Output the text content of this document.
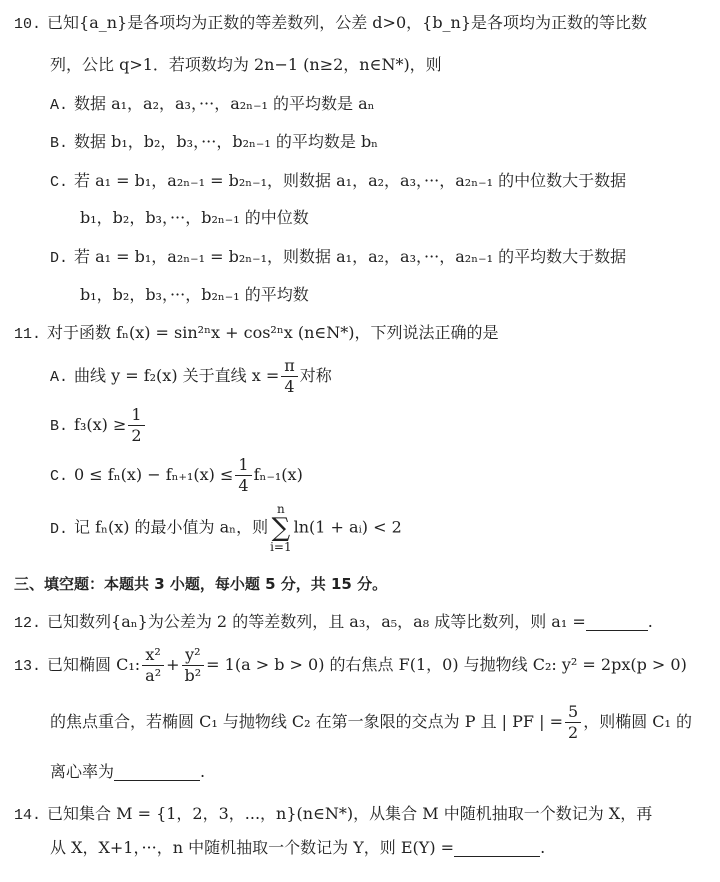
10. 已知{a_n}是各项均为正数的等差数列，公差 d>0，{b_n}是各项均为正数的等比数
列，公比 q>1．若项数均为 2n−1 (n≥2，n∈N*)，则
A. 数据 a₁，a₂，a₃，···，a₂ₙ₋₁ 的平均数是 aₙ
B. 数据 b₁，b₂，b₃，···，b₂ₙ₋₁ 的平均数是 bₙ
C. 若 a₁ = b₁，a₂ₙ₋₁ = b₂ₙ₋₁，则数据 a₁，a₂，a₃，···，a₂ₙ₋₁ 的中位数大于数据
b₁，b₂，b₃，···，b₂ₙ₋₁ 的中位数
D. 若 a₁ = b₁，a₂ₙ₋₁ = b₂ₙ₋₁，则数据 a₁，a₂，a₃，···，a₂ₙ₋₁ 的平均数大于数据
b₁，b₂，b₃，···，b₂ₙ₋₁ 的平均数
11. 对于函数 fₙ(x) = sin²ⁿx + cos²ⁿx (n∈N*)，下列说法正确的是
A. 曲线 y = f₂(x) 关于直线 $x = \frac{\pi}{4}$ 对称
B. $f_3(x) \ge \frac{1}{2}$
C. $0 \le f_n(x) - f_{n+1}(x) \le \frac{1}{4} f_{n-1}(x)$
D. 记 fₙ(x) 的最小值为 aₙ，则n
∑
i=1ln(1 + aᵢ) < 2
三、填空题：本题共 3 小题，每小题 5 分，共 15 分。
12. 已知数列{aₙ}为公差为 2 的等差数列，且 a₃，a₅，a₈ 成等比数列，则 a₁ =	.
13. 已知椭圆 C₁: $\frac{\text{x²}}{\text{a²}} + \frac{\text{y²}}{\text{b²}} = 1(a > b > 0)$ 的右焦点 F(1，0) 与抛物线 C₂: y² = 2px(p > 0)
的焦点重合，若椭圆 C₁ 与抛物线 C₂ 在第一象限的交点为 P 且 | PF | = $\frac{5}{2}$ ，则椭圆 C₁ 的
离心率为	.
14. 已知集合 M = {1，2，3，...，n}(n∈N*)，从集合 M 中随机抽取一个数记为 X，再
从 X，X+1，···，n 中随机抽取一个数记为 Y，则 E(Y) =	.
